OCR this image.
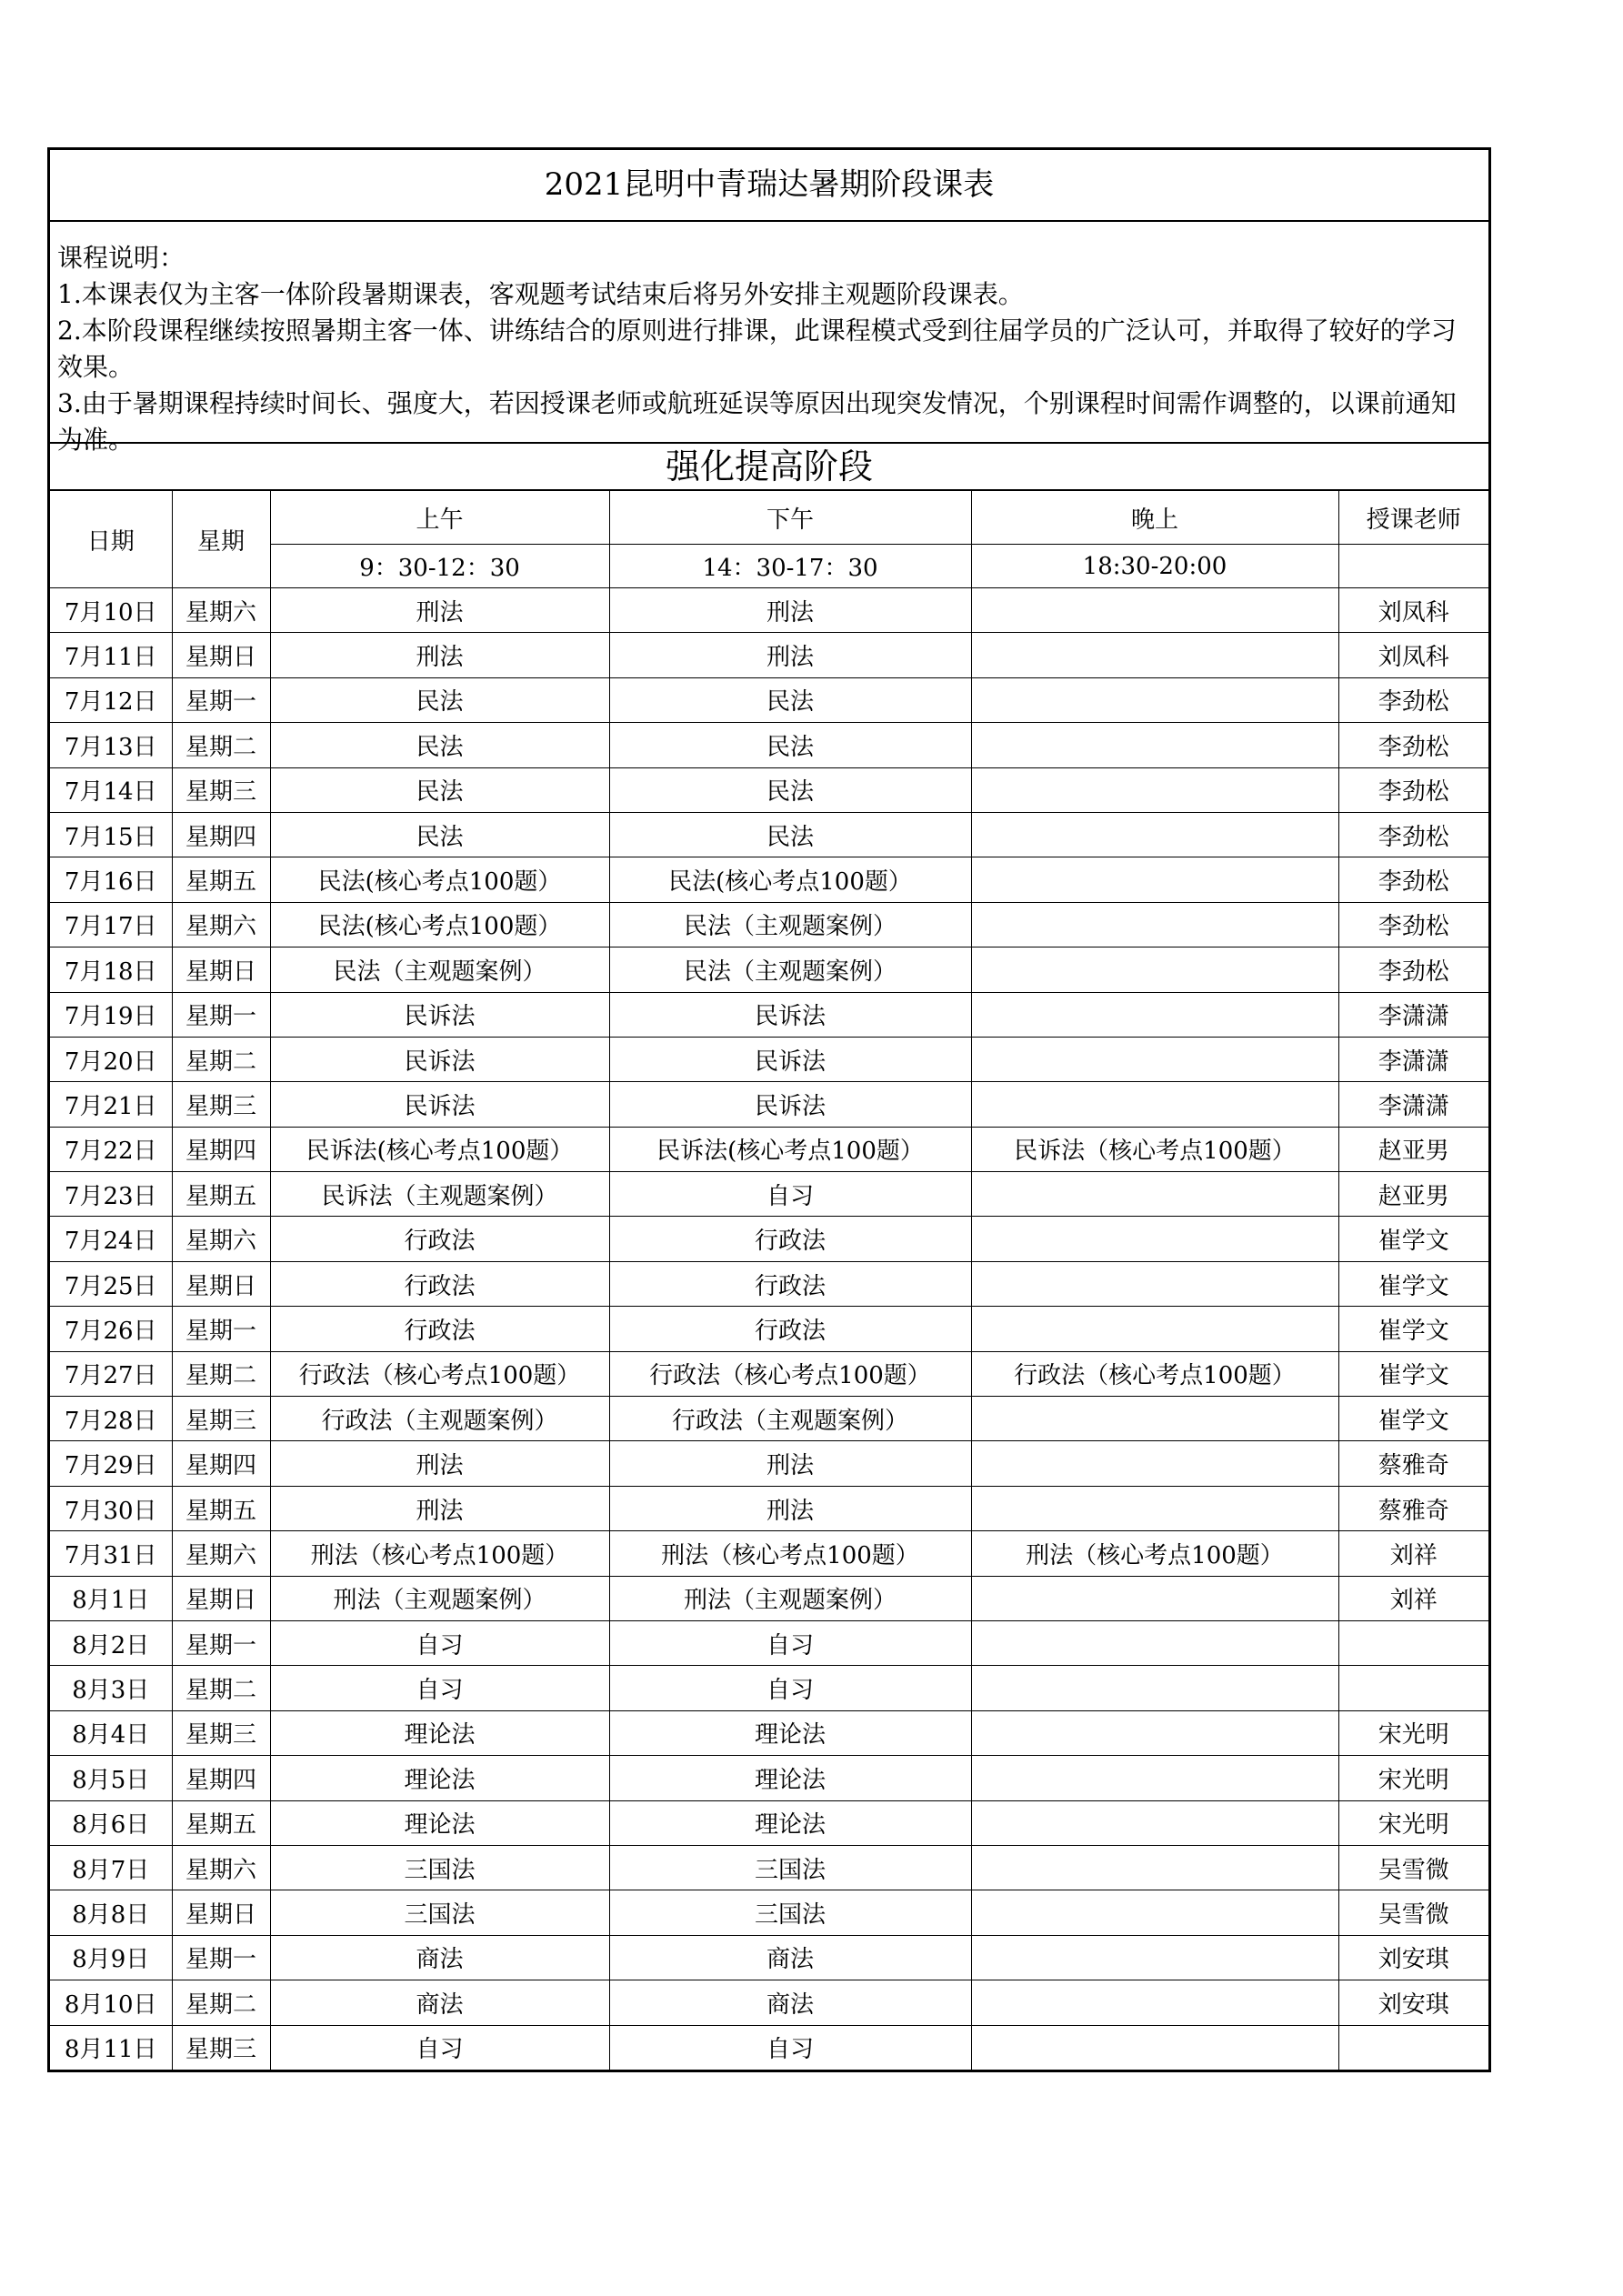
2021昆明中青瑞达暑期阶段课表
课程说明：
1.本课表仅为主客一体阶段暑期课表，客观题考试结束后将另外安排主观题阶段课表。
2.本阶段课程继续按照暑期主客一体、讲练结合的原则进行排课，此课程模式受到往届学员的广泛认可，并取得了较好的学习效果。
3.由于暑期课程持续时间长、强度大，若因授课老师或航班延误等原因出现突发情况，个别课程时间需作调整的，以课前通知为准。
强化提高阶段
日期	星期	上午	下午	晚上	授课老师
		9：30-12：30	14：30-17：30	18:30-20:00	
7月10日	星期六	刑法	刑法		刘凤科
7月11日	星期日	刑法	刑法		刘凤科
7月12日	星期一	民法	民法		李劲松
7月13日	星期二	民法	民法		李劲松
7月14日	星期三	民法	民法		李劲松
7月15日	星期四	民法	民法		李劲松
7月16日	星期五	民法(核心考点100题）	民法(核心考点100题）		李劲松
7月17日	星期六	民法(核心考点100题）	民法（主观题案例）		李劲松
7月18日	星期日	民法（主观题案例）	民法（主观题案例）		李劲松
7月19日	星期一	民诉法	民诉法		李潇潇
7月20日	星期二	民诉法	民诉法		李潇潇
7月21日	星期三	民诉法	民诉法		李潇潇
7月22日	星期四	民诉法(核心考点100题）	民诉法(核心考点100题）	民诉法（核心考点100题）	赵亚男
7月23日	星期五	民诉法（主观题案例）	自习		赵亚男
7月24日	星期六	行政法	行政法		崔学文
7月25日	星期日	行政法	行政法		崔学文
7月26日	星期一	行政法	行政法		崔学文
7月27日	星期二	行政法（核心考点100题）	行政法（核心考点100题）	行政法（核心考点100题）	崔学文
7月28日	星期三	行政法（主观题案例）	行政法（主观题案例）		崔学文
7月29日	星期四	刑法	刑法		蔡雅奇
7月30日	星期五	刑法	刑法		蔡雅奇
7月31日	星期六	刑法（核心考点100题）	刑法（核心考点100题）	刑法（核心考点100题）	刘祥
8月1日	星期日	刑法（主观题案例）	刑法（主观题案例）		刘祥
8月2日	星期一	自习	自习		
8月3日	星期二	自习	自习		
8月4日	星期三	理论法	理论法		宋光明
8月5日	星期四	理论法	理论法		宋光明
8月6日	星期五	理论法	理论法		宋光明
8月7日	星期六	三国法	三国法		吴雪微
8月8日	星期日	三国法	三国法		吴雪微
8月9日	星期一	商法	商法		刘安琪
8月10日	星期二	商法	商法		刘安琪
8月11日	星期三	自习	自习		
